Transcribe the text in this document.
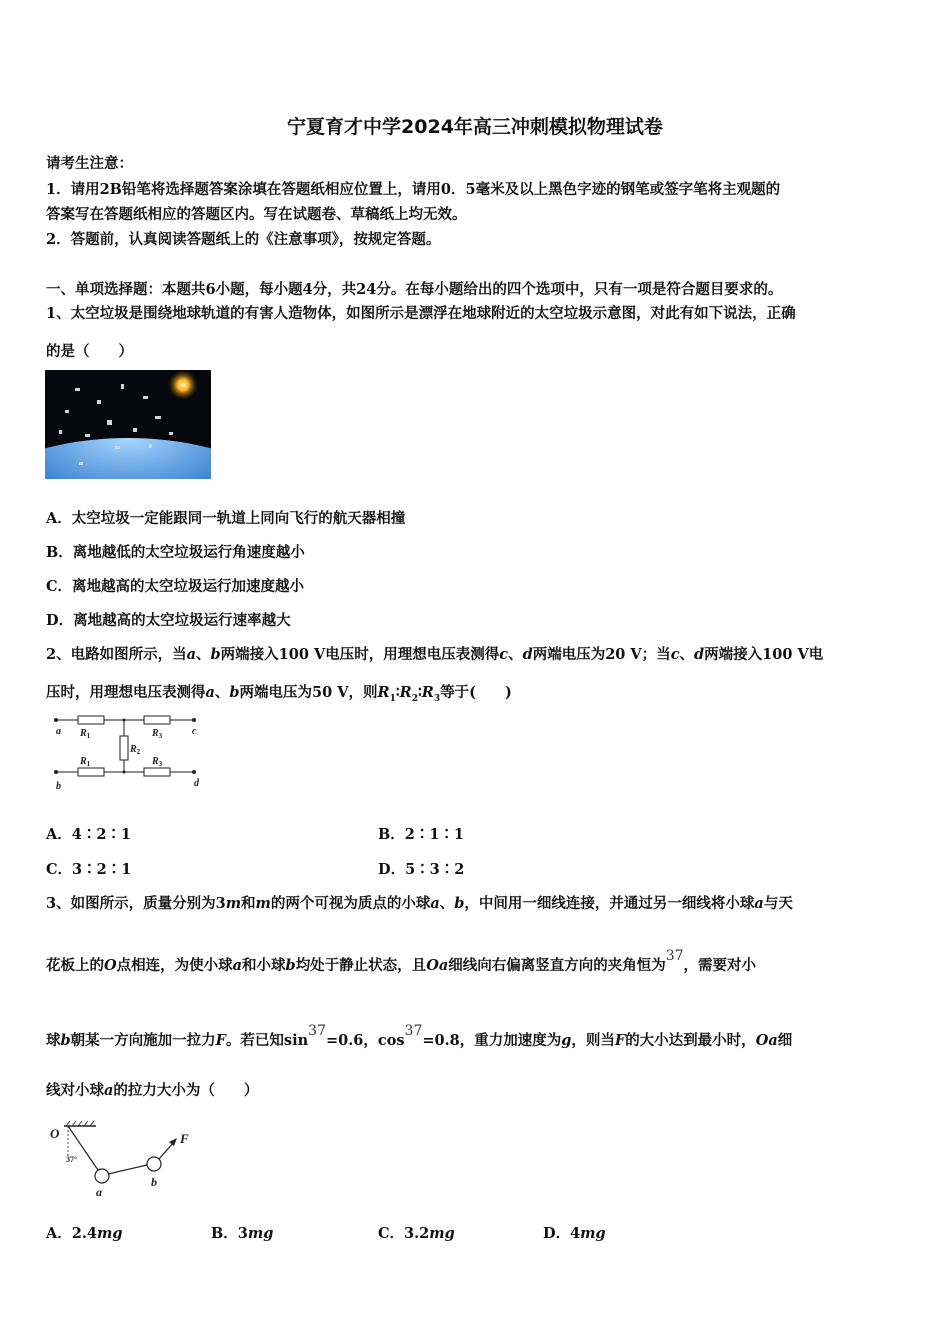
宁夏育才中学2024年高三冲刺模拟物理试卷
请考生注意：
1．请用2B铅笔将选择题答案涂填在答题纸相应位置上，请用0．5毫米及以上黑色字迹的钢笔或签字笔将主观题的
答案写在答题纸相应的答题区内。写在试题卷、草稿纸上均无效。
2．答题前，认真阅读答题纸上的《注意事项》，按规定答题。
一、单项选择题：本题共6小题，每小题4分，共24分。在每小题给出的四个选项中，只有一项是符合题目要求的。
1、太空垃圾是围绕地球轨道的有害人造物体，如图所示是漂浮在地球附近的太空垃圾示意图，对此有如下说法，正确
的是（　　）
A．太空垃圾一定能跟同一轨道上同向飞行的航天器相撞
B．离地越低的太空垃圾运行角速度越小
C．离地越高的太空垃圾运行加速度越小
D．离地越高的太空垃圾运行速率越大
2、电路如图所示，当a、b两端接入100 V电压时，用理想电压表测得c、d两端电压为20 V；当c、d两端接入100 V电
压时，用理想电压表测得a、b两端电压为50 V，则$R_1∶R_2∶R_3$等于(　　)
a	c
b	d
$R_1$	$R_3$
$R_2$
$R_1$	$R_3$
A．4∶2∶1	B．2∶1∶1
C．3∶2∶1	D．5∶3∶2
3、如图所示，质量分别为3m和m的两个可视为质点的小球a、b，中间用一细线连接，并通过另一细线将小球a与天
花板上的O点相连，为使小球a和小球b均处于静止状态，且Oa细线向右偏离竖直方向的夹角恒为37，需要对小
球b朝某一方向施加一拉力F。若已知sin37=0.6，cos37=0.8，重力加速度为g，则当F的大小达到最小时，Oa细
线对小球a的拉力大小为（　　）
O
37°
a
b
F
A．2.4mg	B．3mg	C．3.2mg	D．4mg
